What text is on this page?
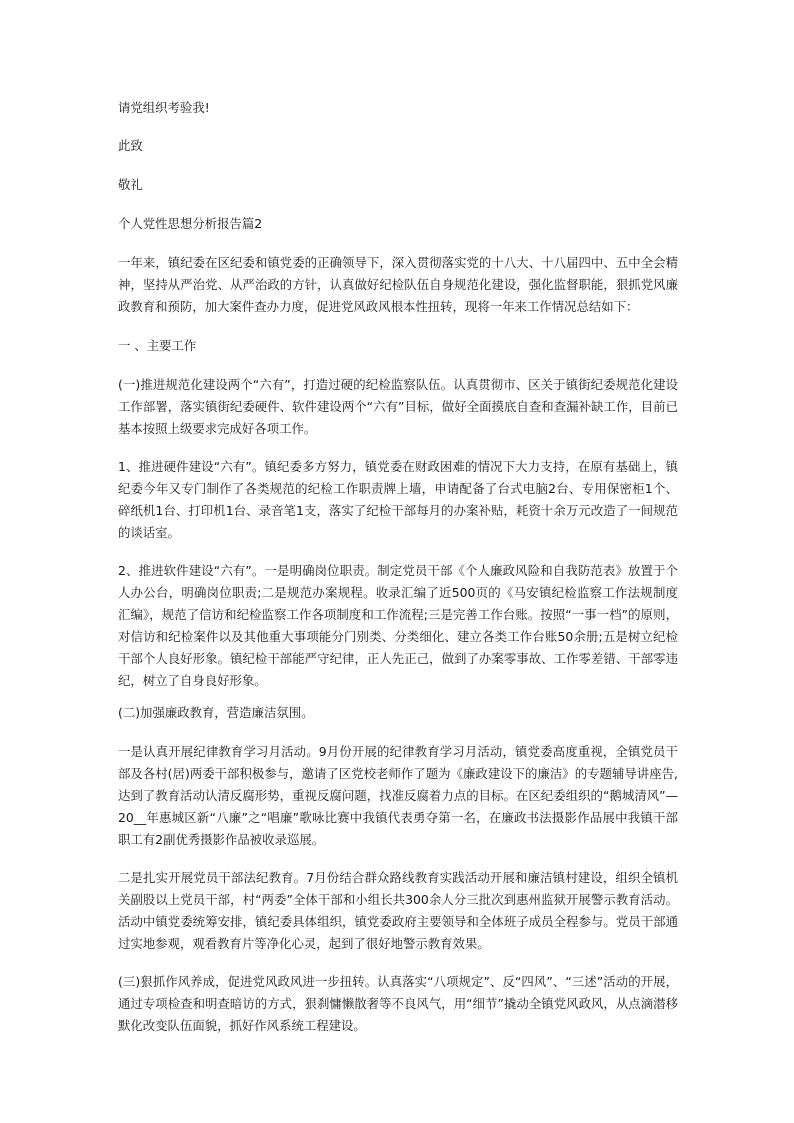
请党组织考验我!

此致

敬礼

个人党性思想分析报告篇2

一年来，镇纪委在区纪委和镇党委的正确领导下，深入贯彻落实党的十八大、十八届四中、五中全会精神，坚持从严治党、从严治政的方针，认真做好纪检队伍自身规范化建设，强化监督职能，狠抓党风廉政教育和预防，加大案件查办力度，促进党风政风根本性扭转，现将一年来工作情况总结如下：

一 、主要工作

(一)推进规范化建设两个“六有”，打造过硬的纪检监察队伍。认真贯彻市、区关于镇街纪委规范化建设工作部署，落实镇街纪委硬件、软件建设两个“六有”目标，做好全面摸底自查和查漏补缺工作，目前已基本按照上级要求完成好各项工作。

1、推进硬件建设“六有”。镇纪委多方努力，镇党委在财政困难的情况下大力支持，在原有基础上，镇纪委今年又专门制作了各类规范的纪检工作职责牌上墙，申请配备了台式电脑2台、专用保密柜1个、碎纸机1台、打印机1台、录音笔1支，落实了纪检干部每月的办案补贴，耗资十余万元改造了一间规范的谈话室。

2、推进软件建设“六有”。一是明确岗位职责。制定党员干部《个人廉政风险和自我防范表》放置于个人办公台，明确岗位职责;二是规范办案规程。收录汇编了近500页的《马安镇纪检监察工作法规制度汇编》，规范了信访和纪检监察工作各项制度和工作流程;三是完善工作台账。按照“一事一档”的原则，对信访和纪检案件以及其他重大事项能分门别类、分类细化、建立各类工作台账50余册;五是树立纪检干部个人良好形象。镇纪检干部能严守纪律，正人先正己，做到了办案零事故、工作零差错、干部零违纪，树立了自身良好形象。

(二)加强廉政教育，营造廉洁氛围。

一是认真开展纪律教育学习月活动。9月份开展的纪律教育学习月活动，镇党委高度重视，全镇党员干部及各村(居)两委干部积极参与，邀请了区党校老师作了题为《廉政建设下的廉洁》的专题辅导讲座告,达到了教育活动认清反腐形势，重视反腐问题，找准反腐着力点的目标。在区纪委组织的“鹅城清风”—20__年惠城区新“八廉”之“唱廉”歌咏比赛中我镇代表勇夺第一名，在廉政书法摄影作品展中我镇干部职工有2副优秀摄影作品被收录巡展。

二是扎实开展党员干部法纪教育。7月份结合群众路线教育实践活动开展和廉洁镇村建设，组织全镇机关副股以上党员干部，村“两委”全体干部和小组长共300余人分三批次到惠州监狱开展警示教育活动。活动中镇党委统筹安排，镇纪委具体组织，镇党委政府主要领导和全体班子成员全程参与。党员干部通过实地参观，观看教育片等净化心灵，起到了很好地警示教育效果。

(三)狠抓作风养成，促进党风政风进一步扭转。认真落实“八项规定”、反“四风”、“三述”活动的开展，通过专项检查和明查暗访的方式，狠刹慵懒散奢等不良风气，用“细节”撬动全镇党风政风，从点滴潜移默化改变队伍面貌，抓好作风系统工程建设。
